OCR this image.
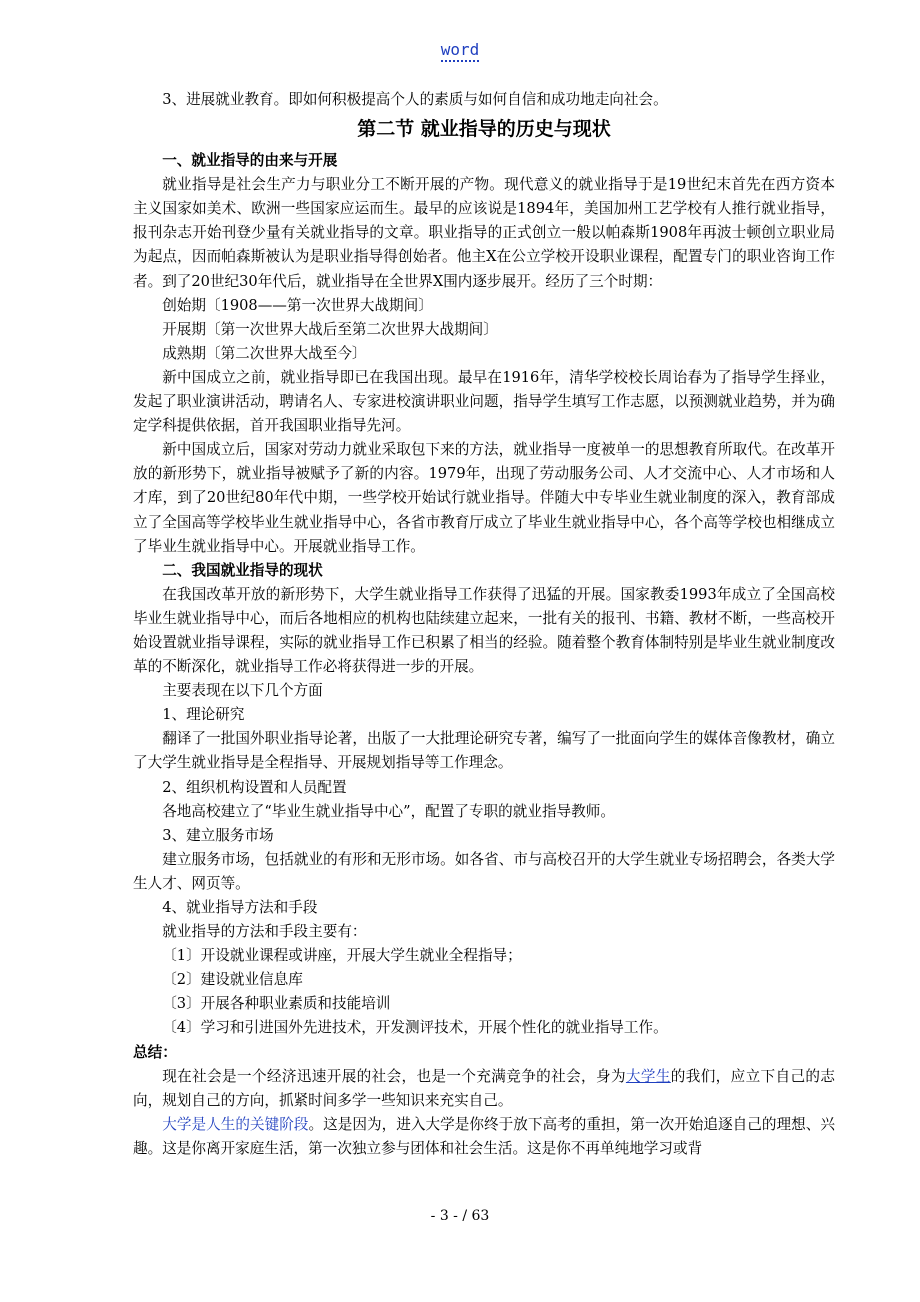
word

3、进展就业教育。即如何积极提高个人的素质与如何自信和成功地走向社会。

第二节 就业指导的历史与现状

一、就业指导的由来与开展

就业指导是社会生产力与职业分工不断开展的产物。现代意义的就业指导于是19世纪末首先在西方资本主义国家如美术、欧洲一些国家应运而生。最早的应该说是1894年，美国加州工艺学校有人推行就业指导，报刊杂志开始刊登少量有关就业指导的文章。职业指导的正式创立一般以帕森斯1908年再波士顿创立职业局为起点，因而帕森斯被认为是职业指导得创始者。他主X在公立学校开设职业课程，配置专门的职业咨询工作者。到了20世纪30年代后，就业指导在全世界X围内逐步展开。经历了三个时期：

创始期〔1908——第一次世界大战期间〕

开展期〔第一次世界大战后至第二次世界大战期间〕

成熟期〔第二次世界大战至今〕

新中国成立之前，就业指导即已在我国出现。最早在1916年，清华学校校长周诒春为了指导学生择业，发起了职业演讲活动，聘请名人、专家进校演讲职业问题，指导学生填写工作志愿，以预测就业趋势，并为确定学科提供依据，首开我国职业指导先河。

新中国成立后，国家对劳动力就业采取包下来的方法，就业指导一度被单一的思想教育所取代。在改革开放的新形势下，就业指导被赋予了新的内容。1979年，出现了劳动服务公司、人才交流中心、人才市场和人才库，到了20世纪80年代中期，一些学校开始试行就业指导。伴随大中专毕业生就业制度的深入，教育部成立了全国高等学校毕业生就业指导中心，各省市教育厅成立了毕业生就业指导中心，各个高等学校也相继成立了毕业生就业指导中心。开展就业指导工作。

二、我国就业指导的现状

在我国改革开放的新形势下，大学生就业指导工作获得了迅猛的开展。国家教委1993年成立了全国高校毕业生就业指导中心，而后各地相应的机构也陆续建立起来，一批有关的报刊、书籍、教材不断，一些高校开始设置就业指导课程，实际的就业指导工作已积累了相当的经验。随着整个教育体制特别是毕业生就业制度改革的不断深化，就业指导工作必将获得进一步的开展。

主要表现在以下几个方面

1、理论研究

翻译了一批国外职业指导论著，出版了一大批理论研究专著，编写了一批面向学生的媒体音像教材，确立了大学生就业指导是全程指导、开展规划指导等工作理念。

2、组织机构设置和人员配置

各地高校建立了“毕业生就业指导中心”，配置了专职的就业指导教师。

3、建立服务市场

建立服务市场，包括就业的有形和无形市场。如各省、市与高校召开的大学生就业专场招聘会，各类大学生人才、网页等。

4、就业指导方法和手段

就业指导的方法和手段主要有：

〔1〕开设就业课程或讲座，开展大学生就业全程指导；

〔2〕建设就业信息库

〔3〕开展各种职业素质和技能培训

〔4〕学习和引进国外先进技术，开发测评技术，开展个性化的就业指导工作。

总结：

现在社会是一个经济迅速开展的社会，也是一个充满竞争的社会，身为大学生的我们，应立下自己的志向，规划自己的方向，抓紧时间多学一些知识来充实自己。

大学是人生的关键阶段。这是因为，进入大学是你终于放下高考的重担，第一次开始追逐自己的理想、兴趣。这是你离开家庭生活，第一次独立参与团体和社会生活。这是你不再单纯地学习或背

- 3 - / 63
